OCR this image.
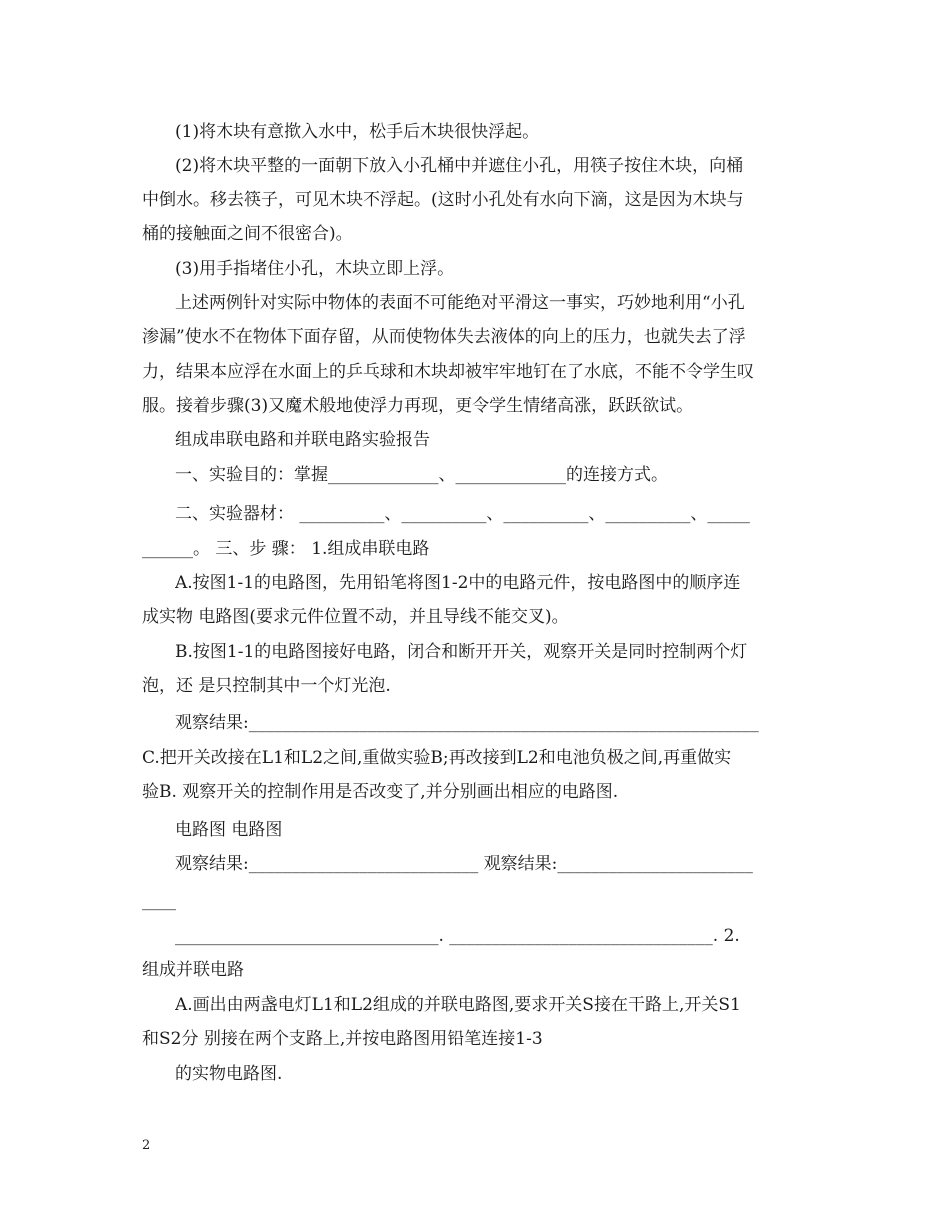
(1)将木块有意揿入水中，松手后木块很快浮起。
(2)将木块平整的一面朝下放入小孔桶中并遮住小孔，用筷子按住木块，向桶
中倒水。移去筷子，可见木块不浮起。(这时小孔处有水向下滴，这是因为木块与
桶的接触面之间不很密合)。
(3)用手指堵住小孔，木块立即上浮。
上述两例针对实际中物体的表面不可能绝对平滑这一事实，巧妙地利用“小孔
渗漏”使水不在物体下面存留，从而使物体失去液体的向上的压力，也就失去了浮
力，结果本应浮在水面上的乒乓球和木块却被牢牢地钉在了水底，不能不令学生叹
服。接着步骤(3)又魔术般地使浮力再现，更令学生情绪高涨，跃跃欲试。
组成串联电路和并联电路实验报告
一、实验目的：掌握_____________、_____________的连接方式。
二、实验器材： __________、__________、__________、__________、_____
______。 三、步 骤： 1.组成串联电路
A.按图1-1的电路图，先用铅笔将图1-2中的电路元件，按电路图中的顺序连
成实物 电路图(要求元件位置不动，并且导线不能交叉)。
B.按图1-1的电路图接好电路，闭合和断开开关，观察开关是同时控制两个灯
泡，还 是只控制其中一个灯光泡.
观察结果:____________________________________________________________
C.把开关改接在L1和L2之间,重做实验B;再改接到L2和电池负极之间,再重做实
验B. 观察开关的控制作用是否改变了,并分别画出相应的电路图.
电路图 电路图
观察结果:___________________________ 观察结果:_______________________
____
_______________________________. _______________________________. 2.
组成并联电路
A.画出由两盏电灯L1和L2组成的并联电路图,要求开关S接在干路上,开关S1
和S2分 别接在两个支路上,并按电路图用铅笔连接1-3
的实物电路图.
2
